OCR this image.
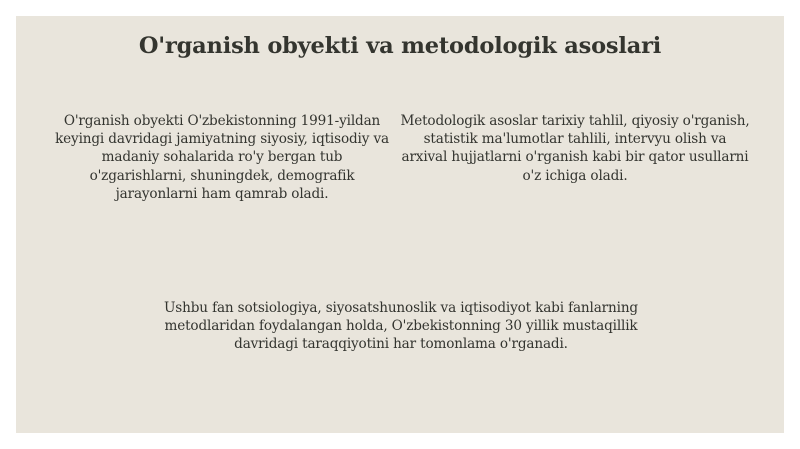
O'rganish obyekti va metodologik asoslari
O'rganish obyekti O'zbekistonning 1991-yildan keyingi davridagi jamiyatning siyosiy, iqtisodiy va madaniy sohalarida ro'y bergan tub o'zgarishlarni, shuningdek, demografik jarayonlarni ham qamrab oladi.
Metodologik asoslar tarixiy tahlil, qiyosiy o'rganish, statistik ma'lumotlar tahlili, intervyu olish va arxival hujjatlarni o'rganish kabi bir qator usullarni o'z ichiga oladi.
Ushbu fan sotsiologiya, siyosatshunoslik va iqtisodiyot kabi fanlarning metodlaridan foydalangan holda, O'zbekistonning 30 yillik mustaqillik davridagi taraqqiyotini har tomonlama o'rganadi.
